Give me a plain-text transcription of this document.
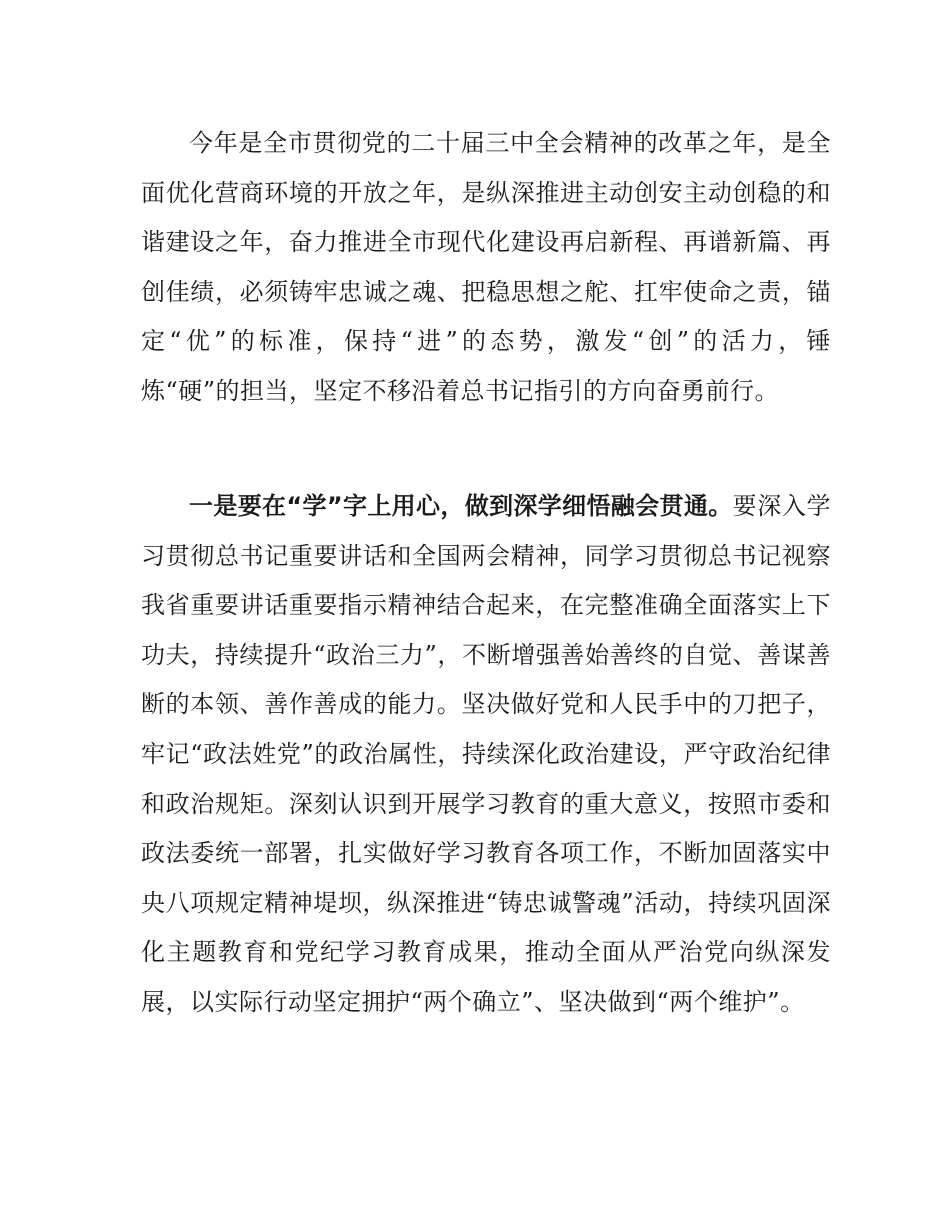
今年是全市贯彻党的二十届三中全会精神的改革之年，是全面优化营商环境的开放之年，是纵深推进主动创安主动创稳的和谐建设之年，奋力推进全市现代化建设再启新程、再谱新篇、再创佳绩，必须铸牢忠诚之魂、把稳思想之舵、扛牢使命之责，锚定“优”的标准，保持“进”的态势，激发“创”的活力，锤炼“硬”的担当，坚定不移沿着总书记指引的方向奋勇前行。

一是要在“学”字上用心，做到深学细悟融会贯通。要深入学习贯彻总书记重要讲话和全国两会精神，同学习贯彻总书记视察我省重要讲话重要指示精神结合起来，在完整准确全面落实上下功夫，持续提升“政治三力”，不断增强善始善终的自觉、善谋善断的本领、善作善成的能力。坚决做好党和人民手中的刀把子，牢记“政法姓党”的政治属性，持续深化政治建设，严守政治纪律和政治规矩。深刻认识到开展学习教育的重大意义，按照市委和政法委统一部署，扎实做好学习教育各项工作，不断加固落实中央八项规定精神堤坝，纵深推进“铸忠诚警魂”活动，持续巩固深化主题教育和党纪学习教育成果，推动全面从严治党向纵深发展，以实际行动坚定拥护“两个确立”、坚决做到“两个维护”。
